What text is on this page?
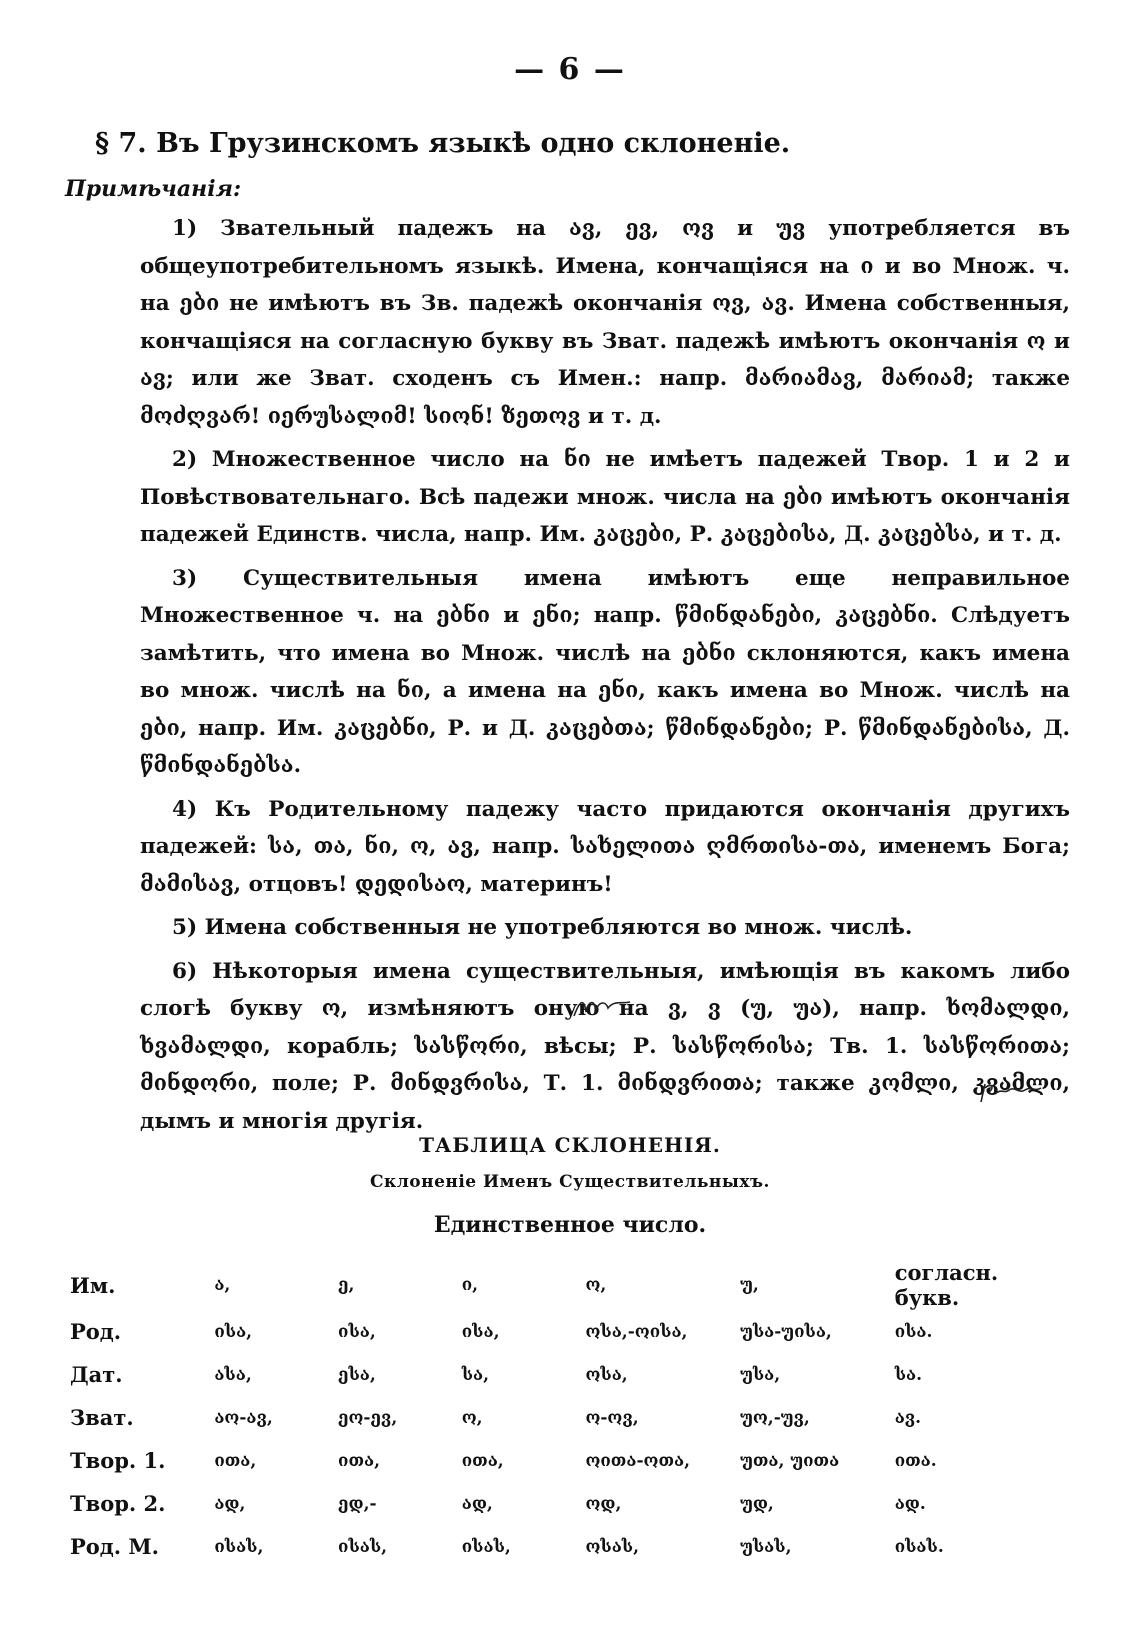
— 6 —
§ 7. Въ Грузинскомъ языкѣ одно склоненіе.
Примѣчанія:

1) Звательный падежъ на ავ, ევ, ოვ и უვ употребляется въ общеупотребительномъ языкѣ. Имена, кончащіяся на ი и во Множ. ч. на ები не имѣютъ въ Зв. падежѣ окончанія ოვ, ავ. Имена собственныя, кончащіяся на согласную букву въ Зват. падежѣ имѣютъ окончанія ო и ავ; или же Зват. сходенъ съ Имен.: напр. მარიამავ, მარიამ; также მოძღვარ! იერუსალიმ! სიონ! ზეთოვ и т. д.

2) Множественное число на ნი не имѣетъ падежей Твор. 1 и 2 и Повѣствовательнаго. Всѣ падежи множ. числа на ები имѣютъ окончанія падежей Единств. числа, напр. Им. კაცები, Р. კაცებისა, Д. კაცებსა, и т. д.

3) Существительныя имена имѣютъ еще неправильное Множественное ч. на ებნი и ენი; напр. წმინდანები, კაცებნი. Слѣдуетъ замѣтить, что имена во Множ. числѣ на ებნი склоняются, какъ имена во множ. числѣ на ნი, а имена на ენი, какъ имена во Множ. числѣ на ები, напр. Им. კაცებნი, Р. и Д. კაცებთა; წმინდანები; Р. წმინდანებისა, Д. წმინდანებსა.

4) Къ Родительному падежу часто придаются окончанія другихъ падежей: სა, თა, ნი, ო, ავ, напр. სახელითა ღმრთისა-თა, именемъ Бога; მამისავ, отцовъ! დედისაო, материнъ!

5) Имена собственныя не употребляются во множ. числѣ.

6) Нѣкоторыя имена существительныя, имѣющія въ какомъ либо слогѣ букву ო, измѣняютъ оную на ვ, ვ (უ, უა), напр. ხომალდი, ხვამალდი, корабль; სასწორი, вѣсы; Р. სასწორისა; Тв. 1. სასწორითა; მინდორი, поле; Р. მინდვრისა, Т. 1. მინდვრითა; также კომლი, კვამლი, дымъ и многія другія.

ТАБЛИЦА СКЛОНЕНІЯ.
Склоненіе Именъ Существительныхъ.
Единственное число.
Им.	ა,	ე,	ი,	ო,	უ,	согласн. букв.
Род.	ისა,	ისა,	ისა,	ოსა,-ოისა,	უსა-უისა,	ისა.
Дат.	ასა,	ესა,	სა,	ოსა,	უსა,	სა.
Зват.	აო-ავ,	ეო-ევ,	ო,	ო-ოვ,	უო,-უვ,	ავ.
Твор. 1.	ითა,	ითა,	ითა,	ოითა-ოთა,	უთა, უითა	ითა.
Твор. 2.	ად,	ედ,-	ად,	ოდ,	უდ,	ად.
Род. М.	ისას,	ისას,	ისას,	ოსას,	უსას,	ისას.
